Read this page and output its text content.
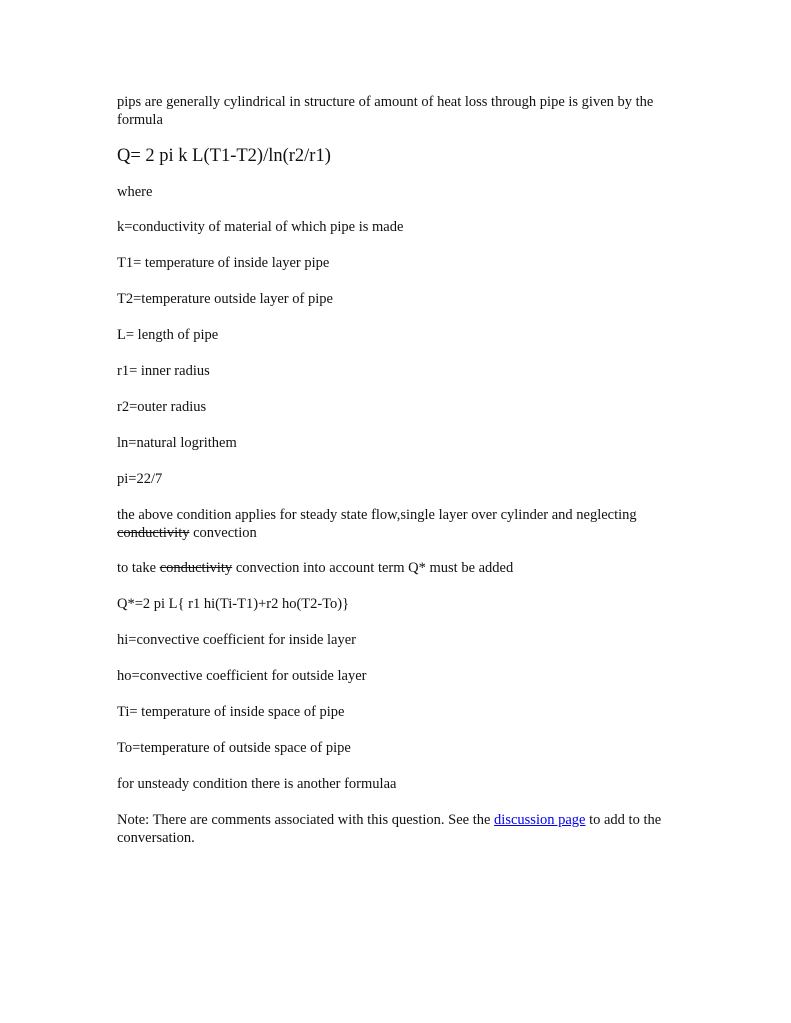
pips are generally cylindrical in structure of amount of heat loss through pipe is given by the formula

Q= 2 pi k L(T1-T2)/ln(r2/r1)

where

k=conductivity of material of which pipe is made

T1= temperature of inside layer pipe

T2=temperature outside layer of pipe

L= length of pipe

r1= inner radius

r2=outer radius

ln=natural logrithem

pi=22/7

the above condition applies for steady state flow,single layer over cylinder and neglecting conductivity convection

to take conductivity convection into account term Q* must be added

Q*=2 pi L{ r1 hi(Ti-T1)+r2 ho(T2-To)}

hi=convective coefficient for inside layer

ho=convective coefficient for outside layer

Ti= temperature of inside space of pipe

To=temperature of outside space of pipe

for unsteady condition there is another formulaa

Note: There are comments associated with this question. See the discussion page to add to the conversation.
